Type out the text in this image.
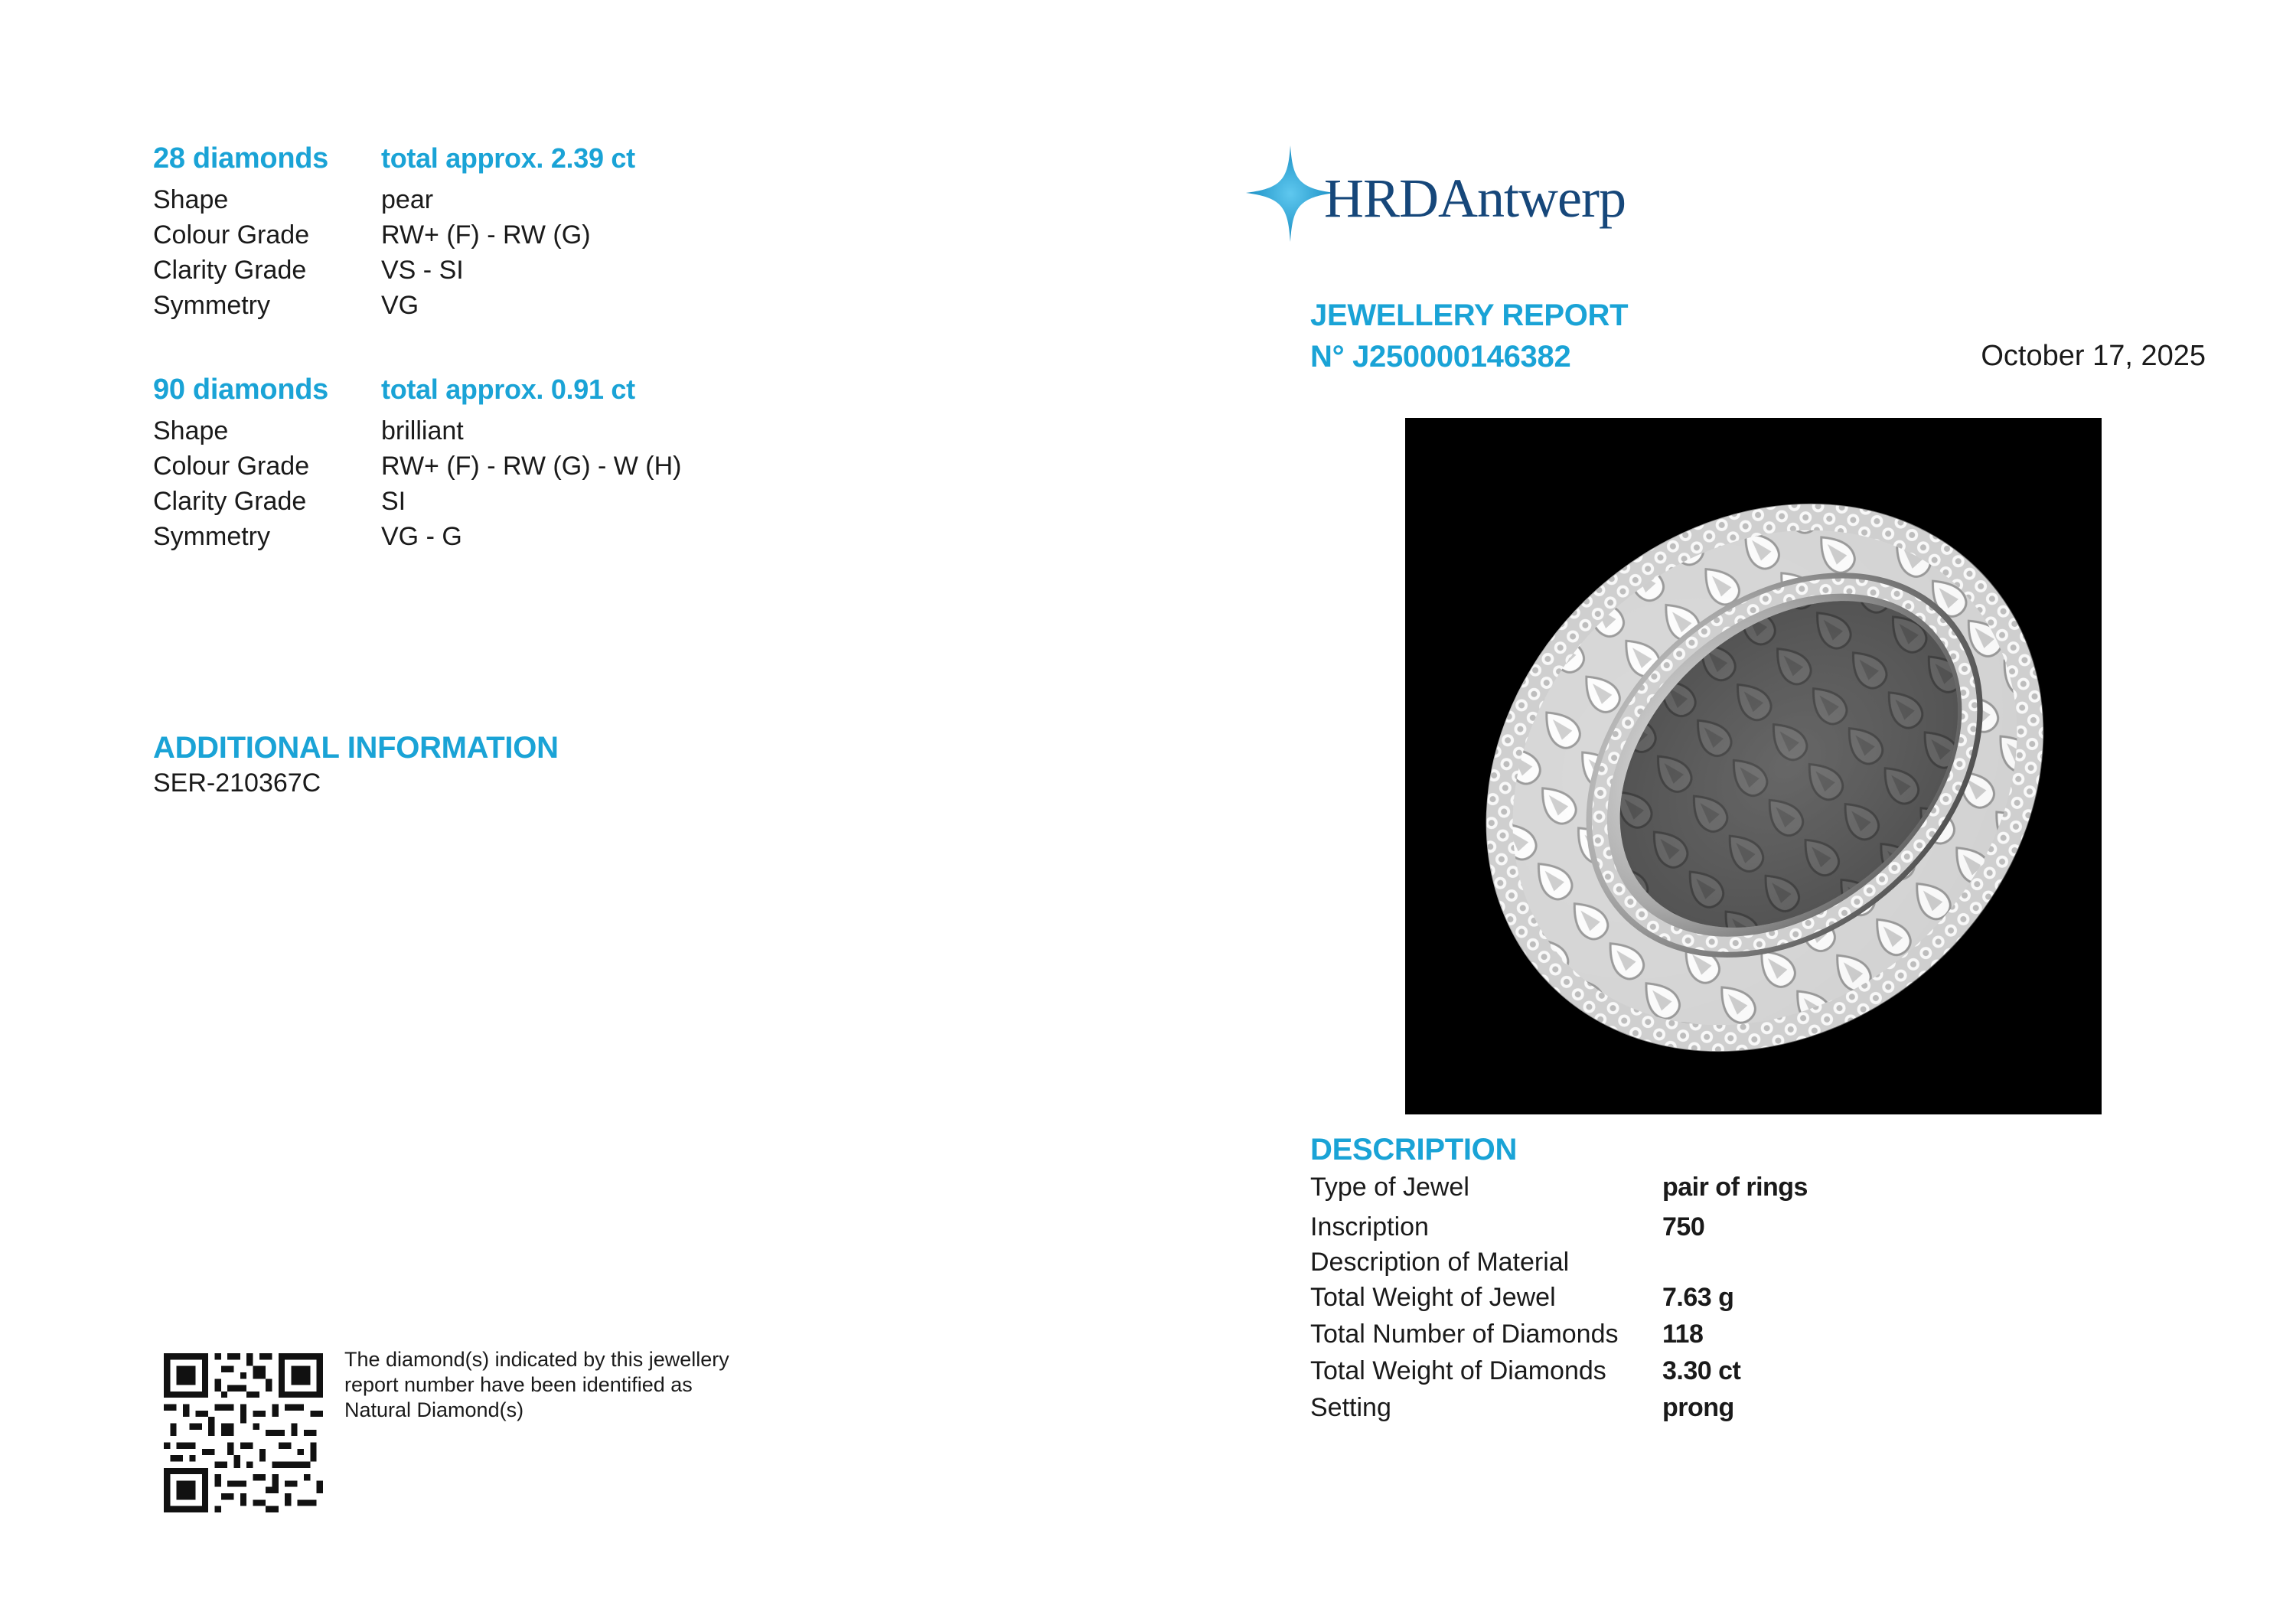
28 diamonds total approx. 2.39 ct
Shape	pear
Colour Grade	RW+ (F) - RW (G)
Clarity Grade	VS - SI
Symmetry	VG
90 diamonds total approx. 0.91 ct
Shape	brilliant
Colour Grade	RW+ (F) - RW (G) - W (H)
Clarity Grade	SI
Symmetry	VG - G
ADDITIONAL INFORMATION
SER-210367C
The diamond(s) indicated by this jewellery
report number have been identified as
Natural Diamond(s)
HRDAntwerp
JEWELLERY REPORT
N° J250000146382	October 17, 2025
DESCRIPTION
Type of Jewel	pair of rings
Inscription	750
Description of Material
Total Weight of Jewel	7.63 g
Total Number of Diamonds 118
Total Weight of Diamonds 3.30 ct
Setting	prong
